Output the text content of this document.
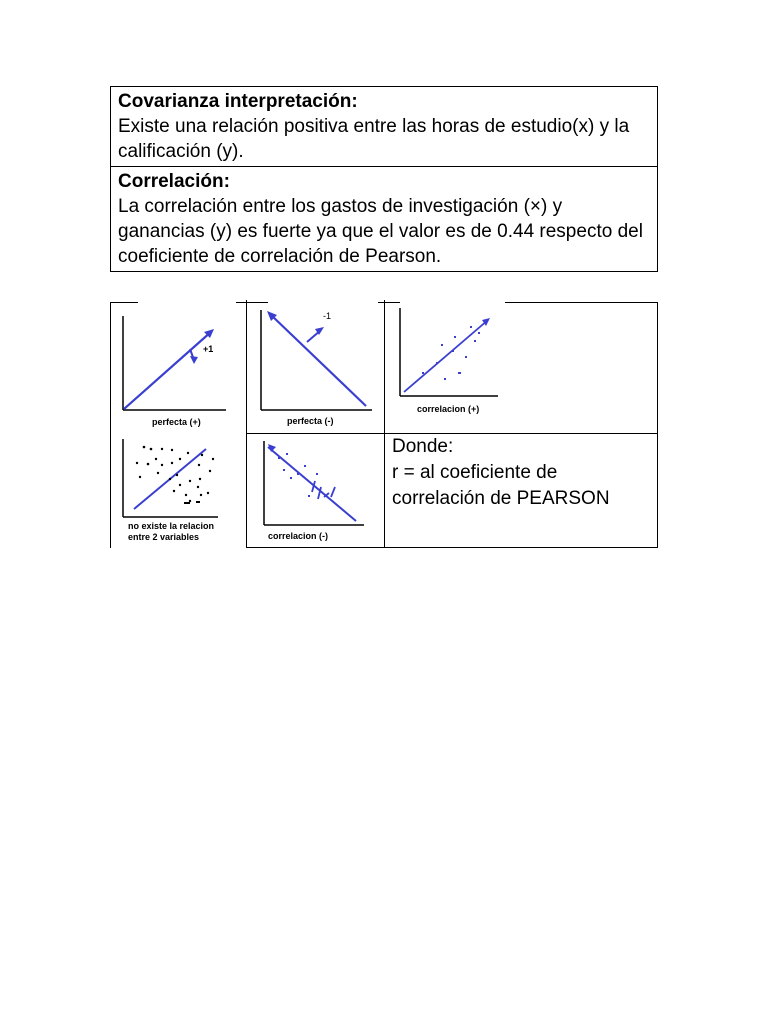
Covarianza interpretación:
Existe una relación positiva entre las horas de estudio(x) y la calificación (y).
Correlación:
La correlación entre los gastos de investigación (×) y ganancias (y) es fuerte ya que el valor es de 0.44 respecto del coeficiente de correlación de Pearson.
+1
perfecta (+)
-1
perfecta (-)
correlacion (+)
no existe la relacion
entre 2 variables	correlacion (-)
Donde:
r = al coeficiente de
correlación de PEARSON
